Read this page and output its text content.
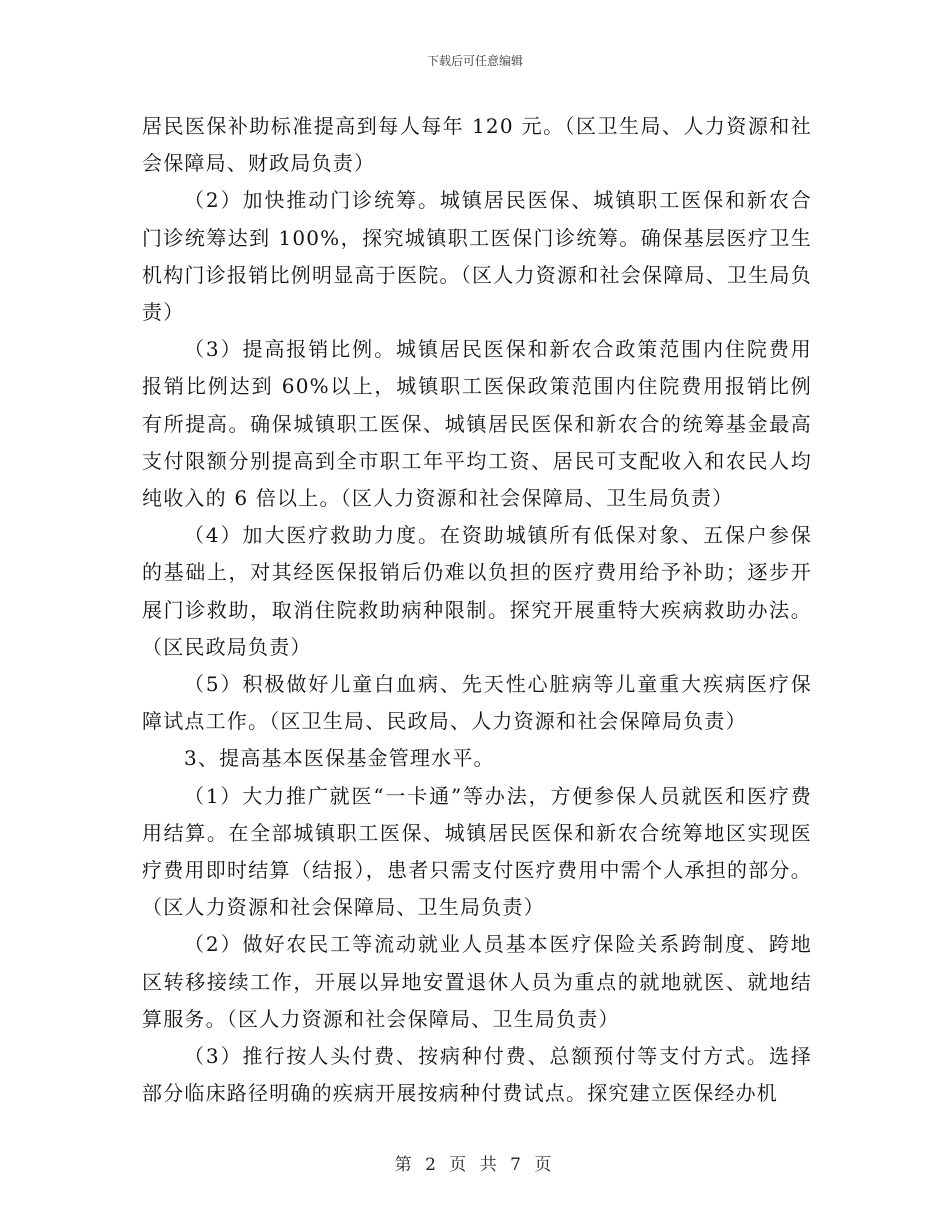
下载后可任意编辑

居民医保补助标准提高到每人每年 120 元。（区卫生局、人力资源和社会保障局、财政局负责）

（2）加快推动门诊统筹。城镇居民医保、城镇职工医保和新农合门诊统筹达到 100%，探究城镇职工医保门诊统筹。确保基层医疗卫生机构门诊报销比例明显高于医院。（区人力资源和社会保障局、卫生局负责）

（3）提高报销比例。城镇居民医保和新农合政策范围内住院费用报销比例达到 60%以上，城镇职工医保政策范围内住院费用报销比例有所提高。确保城镇职工医保、城镇居民医保和新农合的统筹基金最高支付限额分别提高到全市职工年平均工资、居民可支配收入和农民人均纯收入的 6 倍以上。（区人力资源和社会保障局、卫生局负责）

（4）加大医疗救助力度。在资助城镇所有低保对象、五保户参保的基础上，对其经医保报销后仍难以负担的医疗费用给予补助；逐步开展门诊救助，取消住院救助病种限制。探究开展重特大疾病救助办法。（区民政局负责）

（5）积极做好儿童白血病、先天性心脏病等儿童重大疾病医疗保障试点工作。（区卫生局、民政局、人力资源和社会保障局负责）

3、提高基本医保基金管理水平。

（1）大力推广就医“一卡通”等办法，方便参保人员就医和医疗费用结算。在全部城镇职工医保、城镇居民医保和新农合统筹地区实现医疗费用即时结算（结报），患者只需支付医疗费用中需个人承担的部分。（区人力资源和社会保障局、卫生局负责）

（2）做好农民工等流动就业人员基本医疗保险关系跨制度、跨地区转移接续工作，开展以异地安置退休人员为重点的就地就医、就地结算服务。（区人力资源和社会保障局、卫生局负责）

（3）推行按人头付费、按病种付费、总额预付等支付方式。选择部分临床路径明确的疾病开展按病种付费试点。探究建立医保经办机

第 2 页 共 7 页
